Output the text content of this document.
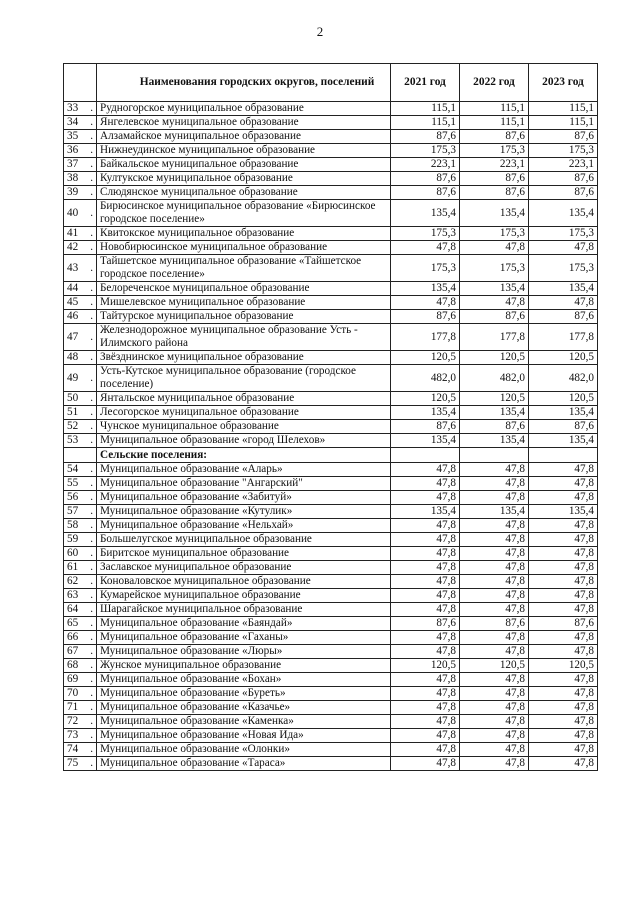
2
	Наименования городских округов, поселений	2021 год	2022 год	2023 год
33 .	Рудногорское муниципальное образование	115,1	115,1	115,1
34 .	Янгелевское муниципальное образование	115,1	115,1	115,1
35 .	Алзамайское муниципальное образование	87,6	87,6	87,6
36 .	Нижнеудинское муниципальное образование	175,3	175,3	175,3
37 .	Байкальское муниципальное образование	223,1	223,1	223,1
38 .	Култукское муниципальное образование	87,6	87,6	87,6
39 .	Слюдянское муниципальное образование	87,6	87,6	87,6
40 .	Бирюсинское муниципальное образование «Бирюсинское городское поселение»	135,4	135,4	135,4
41 .	Квитокское муниципальное образование	175,3	175,3	175,3
42 .	Новобирюсинское муниципальное образование	47,8	47,8	47,8
43 .	Тайшетское муниципальное образование «Тайшетское городское поселение»	175,3	175,3	175,3
44 .	Белореченское муниципальное образование	135,4	135,4	135,4
45 .	Мишелевское муниципальное образование	47,8	47,8	47,8
46 .	Тайтурское муниципальное образование	87,6	87,6	87,6
47 .	Железнодорожное муниципальное образование Усть - Илимского района	177,8	177,8	177,8
48 .	Звёзднинское муниципальное образование	120,5	120,5	120,5
49 .	Усть-Кутское муниципальное образование (городское поселение)	482,0	482,0	482,0
50 .	Янтальское муниципальное образование	120,5	120,5	120,5
51 .	Лесогорское муниципальное образование	135,4	135,4	135,4
52 .	Чунское муниципальное образование	87,6	87,6	87,6
53 .	Муниципальное образование «город Шелехов»	135,4	135,4	135,4
	Сельские поселения:			
54 .	Муниципальное образование «Аларь»	47,8	47,8	47,8
55 .	Муниципальное образование "Ангарский"	47,8	47,8	47,8
56 .	Муниципальное образование «Забитуй»	47,8	47,8	47,8
57 .	Муниципальное образование «Кутулик»	135,4	135,4	135,4
58 .	Муниципальное образование «Нельхай»	47,8	47,8	47,8
59 .	Большелугское муниципальное образование	47,8	47,8	47,8
60 .	Биритское муниципальное образование	47,8	47,8	47,8
61 .	Заславское муниципальное образование	47,8	47,8	47,8
62 .	Коноваловское муниципальное образование	47,8	47,8	47,8
63 .	Кумарейское муниципальное образование	47,8	47,8	47,8
64 .	Шарагайское муниципальное образование	47,8	47,8	47,8
65 .	Муниципальное образование «Баяндай»	87,6	87,6	87,6
66 .	Муниципальное образование «Гаханы»	47,8	47,8	47,8
67 .	Муниципальное образование «Люры»	47,8	47,8	47,8
68 .	Жунское муниципальное образование	120,5	120,5	120,5
69 .	Муниципальное образование «Бохан»	47,8	47,8	47,8
70 .	Муниципальное образование «Буреть»	47,8	47,8	47,8
71 .	Муниципальное образование «Казачье»	47,8	47,8	47,8
72 .	Муниципальное образование «Каменка»	47,8	47,8	47,8
73 .	Муниципальное образование «Новая Ида»	47,8	47,8	47,8
74 .	Муниципальное образование «Олонки»	47,8	47,8	47,8
75 .	Муниципальное образование «Тараса»	47,8	47,8	47,8
